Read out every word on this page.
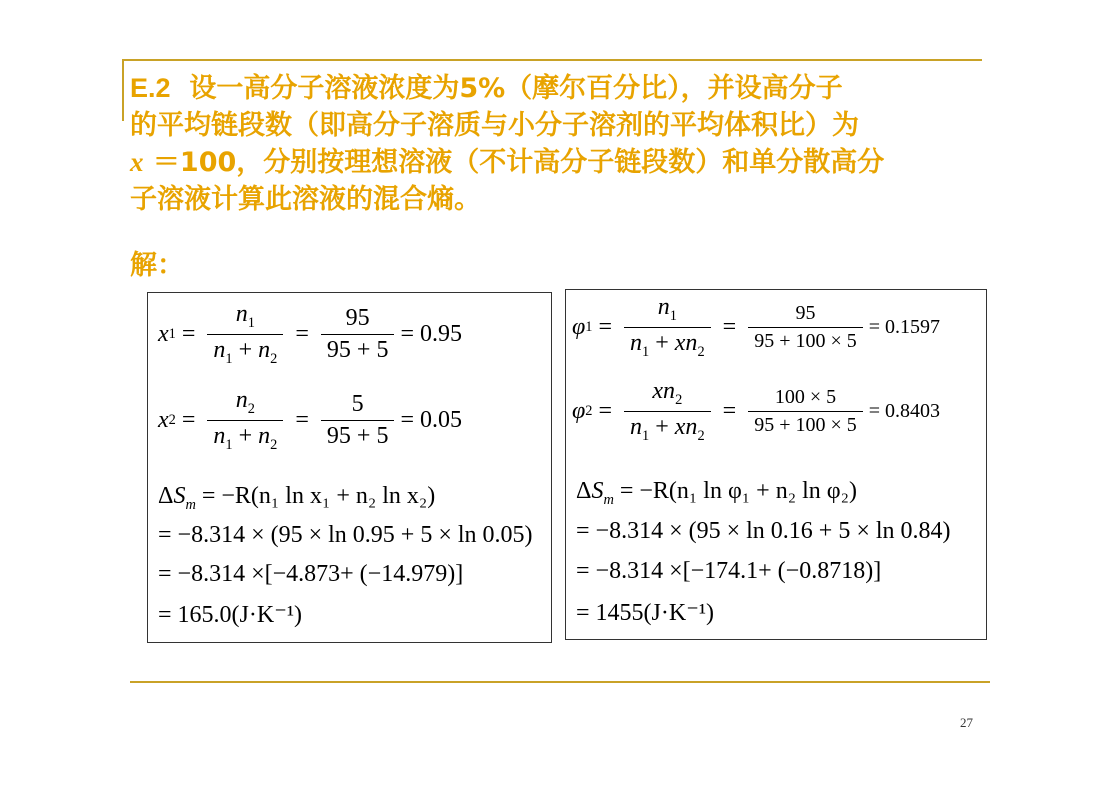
E.2 设一高分子溶液浓度为5%（摩尔百分比），并设高分子
的平均链段数（即高分子溶质与小分子溶剂的平均体积比）为
x ＝100，分别按理想溶液（不计高分子链段数）和单分散高分
子溶液计算此溶液的混合熵。
解：
x $1 = \frac{n_1}{n_1 + n_2} = \frac{95}{95 + 5} = 0.95$
x $2 = \frac{n_2}{n_1 + n_2} = \frac{5}{95 + 5} = 0.05$
$\Delta S_m = -R(n_1$ ln x₁ + n₂ ln x₂)
= −8.314 × (95 × ln 0.95 + 5 × ln 0.05)
= −8.314 ×[−4.873+ (−14.979)]
= 165.0(J·K⁻¹)
φ $1 = \frac{n_1}{n_1 + xn_2} = \frac{95}{95 + 100 \times 5} = 0.1597$
φ $2 = \frac{xn_2}{n_1 + xn_2} = \frac{100 \times 5}{95 + 100 \times 5} = 0.8403$
$\Delta S_m = -R(n_1$ ln φ₁ + n₂ ln φ₂)
= −8.314 × (95 × ln 0.16 + 5 × ln 0.84)
= −8.314 ×[−174.1+ (−0.8718)]
= 1455(J·K⁻¹)
27
